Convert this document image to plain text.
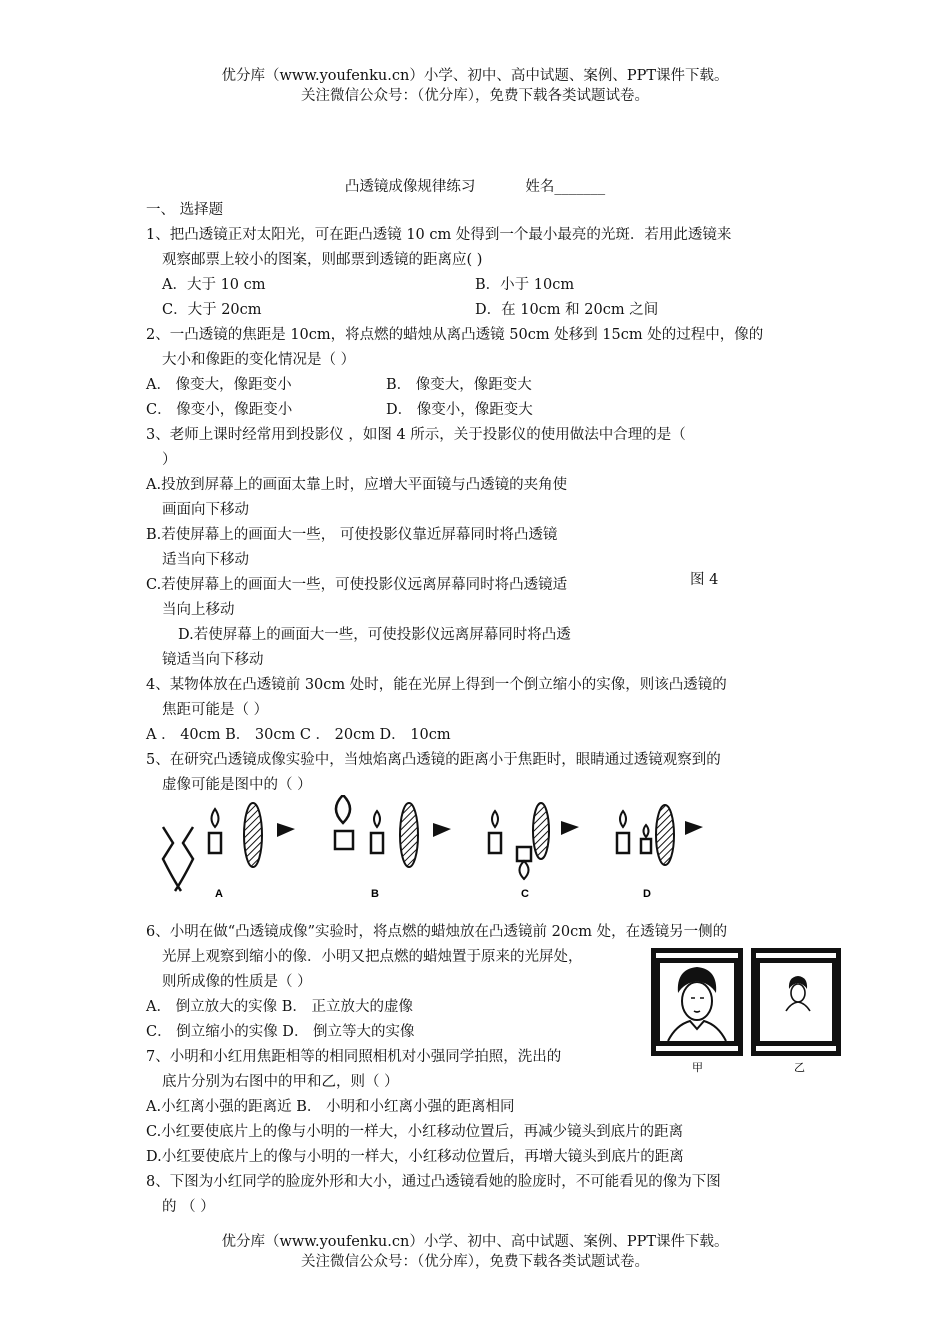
优分库（www.youfenku.cn）小学、初中、高中试题、案例、PPT课件下载。
关注微信公众号：（优分库），免费下载各类试题试卷。
凸透镜成像规律练习	姓名_______
一、 选择题
1、把凸透镜正对太阳光，可在距凸透镜 10 cm 处得到一个最小最亮的光斑．若用此透镜来
观察邮票上较小的图案，则邮票到透镜的距离应( )
A．大于 10 cm	B．小于 10cm
C．大于 20cm	D．在 10cm 和 20cm 之间
2、一凸透镜的焦距是 10cm，将点燃的蜡烛从离凸透镜 50cm 处移到 15cm 处的过程中，像的
大小和像距的变化情况是（ ）
A． 像变大，像距变小	B． 像变大，像距变大
C． 像变小，像距变小	D． 像变小，像距变大
3、老师上课时经常用到投影仪 ，如图 4 所示，关于投影仪的使用做法中合理的是（
）
A.投放到屏幕上的画面太靠上时，应增大平面镜与凸透镜的夹角使
画面向下移动
B.若使屏幕上的画面大一些， 可使投影仪靠近屏幕同时将凸透镜
适当向下移动
C.若使屏幕上的画面大一些，可使投影仪远离屏幕同时将凸透镜适	图 4
当向上移动
D.若使屏幕上的画面大一些，可使投影仪远离屏幕同时将凸透
镜适当向下移动
4、某物体放在凸透镜前 30cm 处时，能在光屏上得到一个倒立缩小的实像，则该凸透镜的
焦距可能是（ ）
A ． 40cm B． 30cm C ． 20cm D． 10cm
5、在研究凸透镜成像实验中，当烛焰离凸透镜的距离小于焦距时，眼睛通过透镜观察到的
虚像可能是图中的（ ）
A	B	C	D
6、小明在做“凸透镜成像”实验时，将点燃的蜡烛放在凸透镜前 20cm 处，在透镜另一侧的
光屏上观察到缩小的像．小明又把点燃的蜡烛置于原来的光屏处，
则所成像的性质是（ ）
A． 倒立放大的实像 B． 正立放大的虚像
C． 倒立缩小的实像 D． 倒立等大的实像
甲	乙
7、小明和小红用焦距相等的相同照相机对小强同学拍照，洗出的
底片分别为右图中的甲和乙，则（ ）
A.小红离小强的距离近 B． 小明和小红离小强的距离相同
C.小红要使底片上的像与小明的一样大，小红移动位置后，再减少镜头到底片的距离
D.小红要使底片上的像与小明的一样大，小红移动位置后，再增大镜头到底片的距离
8、下图为小红同学的脸庞外形和大小，通过凸透镜看她的脸庞时，不可能看见的像为下图
的 （ ）
优分库（www.youfenku.cn）小学、初中、高中试题、案例、PPT课件下载。
关注微信公众号：（优分库），免费下载各类试题试卷。
